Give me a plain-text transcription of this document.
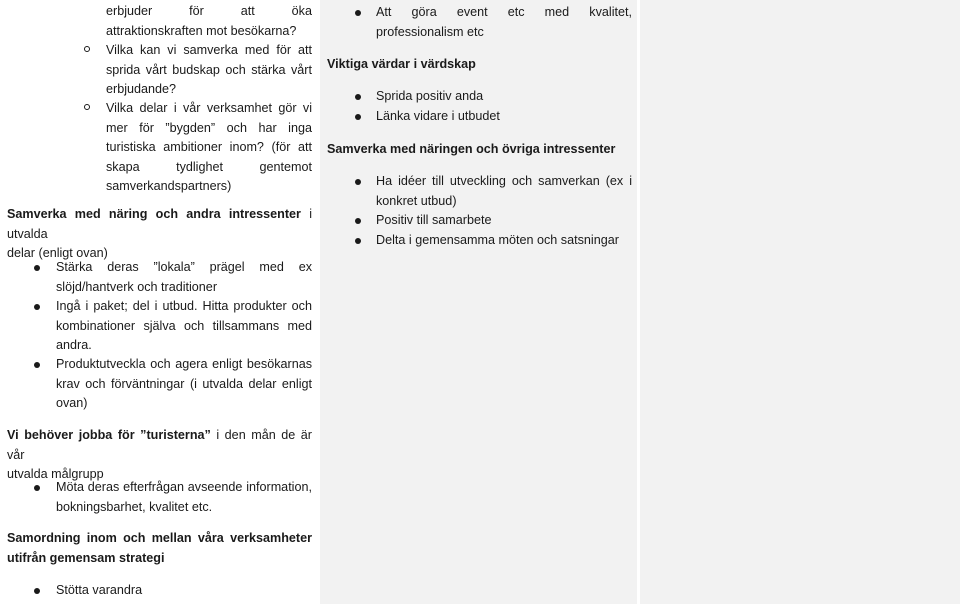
erbjuder för att öka
attraktionskraften mot besökarna?
Vilka kan vi samverka med för att
sprida vårt budskap och stärka vårt
erbjudande?
Vilka delar i vår verksamhet gör vi
mer för ”bygden” och har inga
turistiska ambitioner inom? (för att
skapa tydlighet gentemot
samverkandspartners)
Samverka med näring och andra intressenter i utvalda
delar (enligt ovan)
Stärka deras ”lokala” prägel med ex
slöjd/hantverk och traditioner
Ingå i paket; del i utbud. Hitta produkter och
kombinationer själva och tillsammans med
andra.
Produktutveckla och agera enligt besökarnas
krav och förväntningar (i utvalda delar enligt
ovan)
Vi behöver jobba för ”turisterna” i den mån de är vår
utvalda målgrupp
Möta deras efterfrågan avseende information,
bokningsbarhet, kvalitet etc.
Samordning inom och mellan våra verksamheter
utifrån gemensam strategi
Stötta varandra
Att göra event etc med kvalitet,
professionalism etc
Viktiga värdar i värdskap
Sprida positiv anda
Länka vidare i utbudet
Samverka med näringen och övriga intressenter
Ha idéer till utveckling och samverkan (ex i
konkret utbud)
Positiv till samarbete
Delta i gemensamma möten och satsningar
